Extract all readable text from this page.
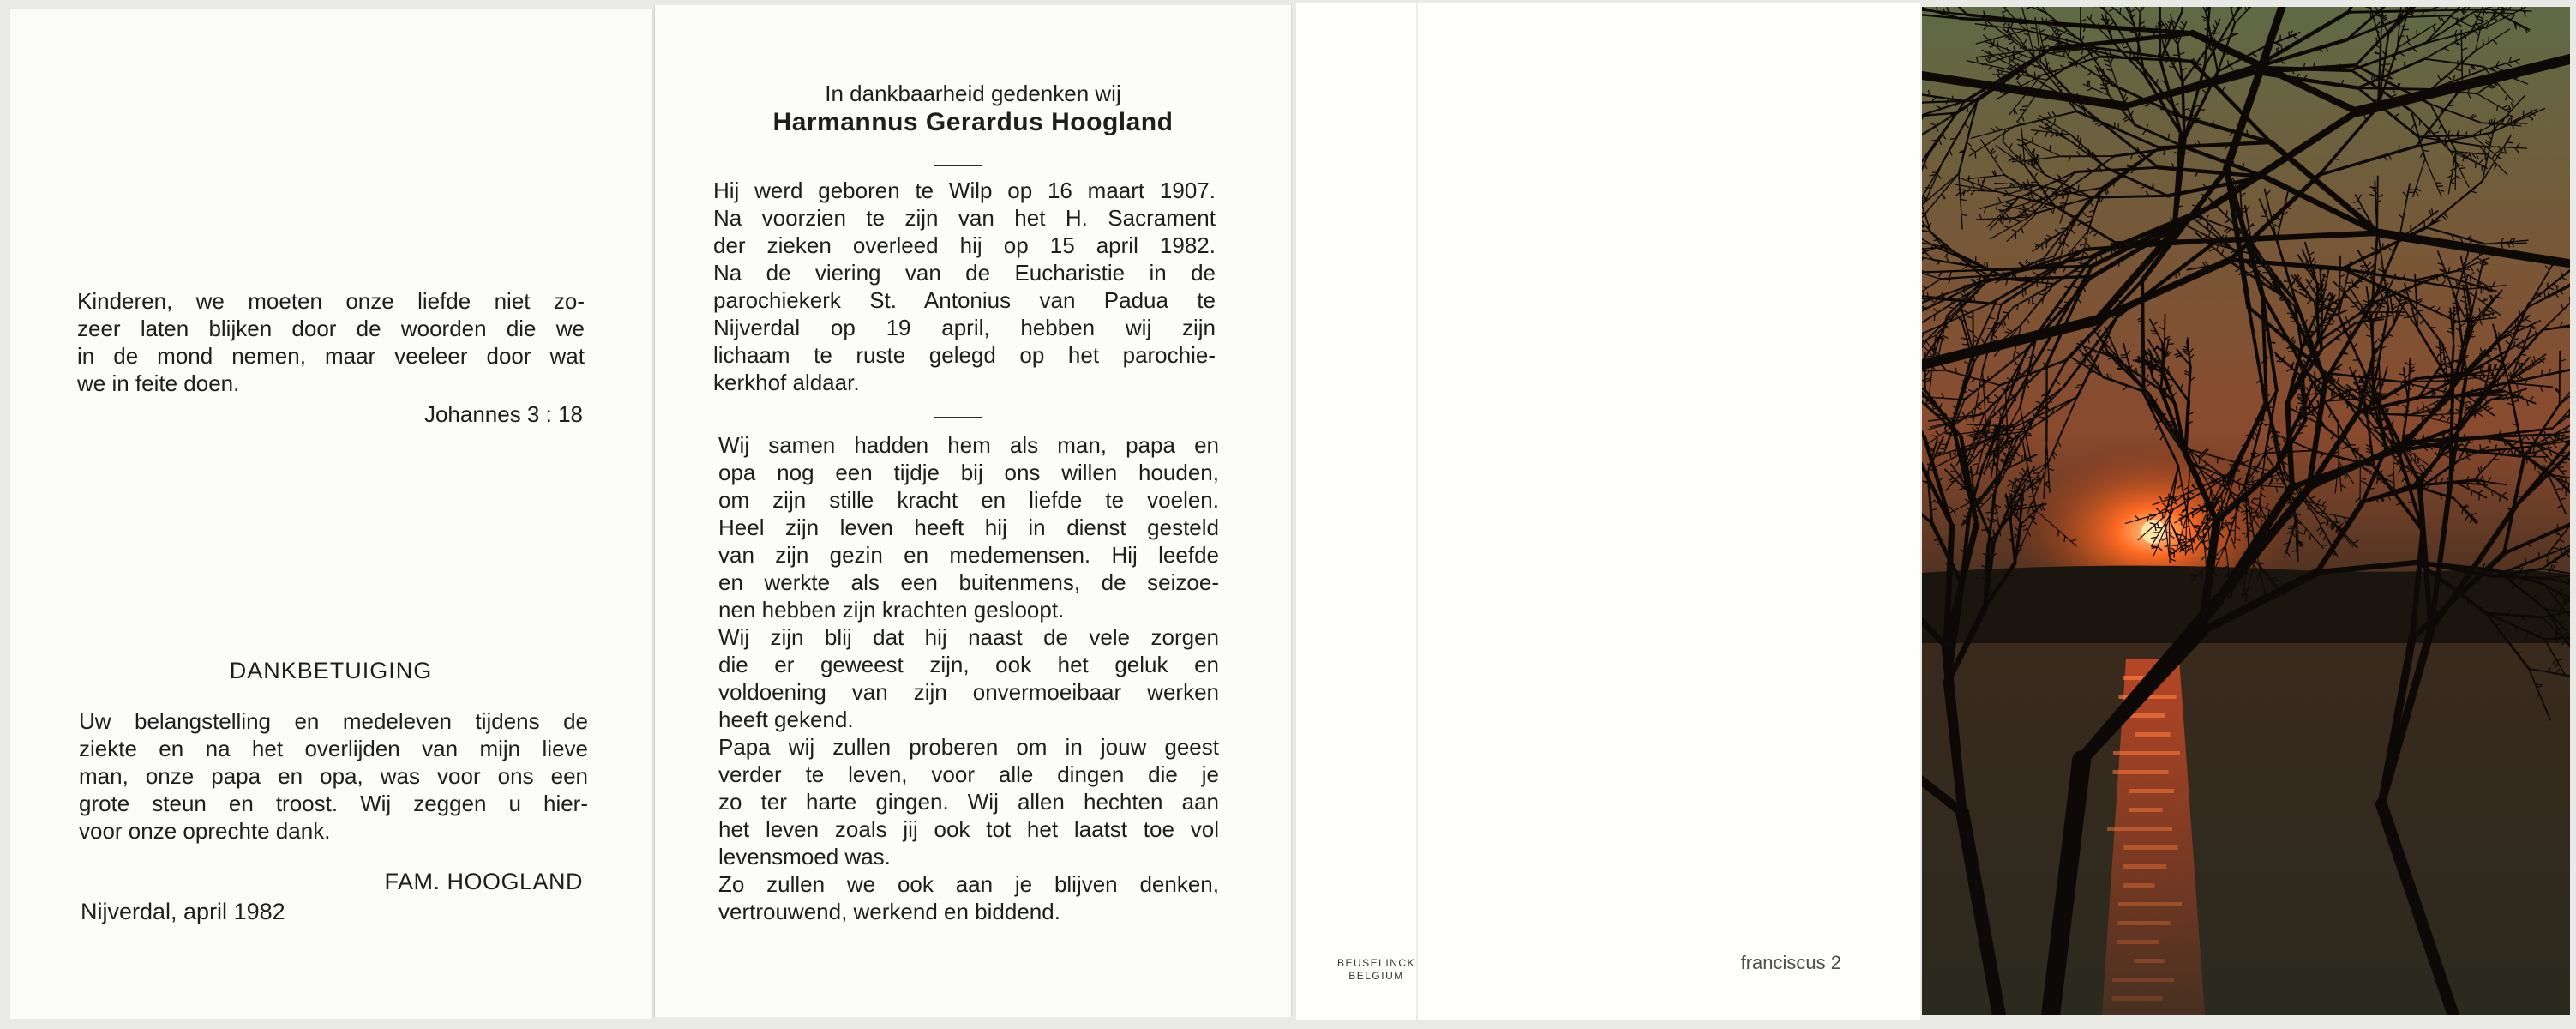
Kinderen, we moeten onze liefde niet zo-
zeer laten blijken door de woorden die we
in de mond nemen, maar veeleer door wat
we in feite doen.
Johannes 3 : 18
DANKBETUIGING
Uw belangstelling en medeleven tijdens de
ziekte en na het overlijden van mijn lieve
man, onze papa en opa, was voor ons een
grote steun en troost. Wij zeggen u hier-
voor onze oprechte dank.
FAM. HOOGLAND
Nijverdal, april 1982
In dankbaarheid gedenken wij
Harmannus Gerardus Hoogland
Hij werd geboren te Wilp op 16 maart 1907.
Na voorzien te zijn van het H. Sacrament
der zieken overleed hij op 15 april 1982.
Na de viering van de Eucharistie in de
parochiekerk St. Antonius van Padua te
Nijverdal op 19 april, hebben wij zijn
lichaam te ruste gelegd op het parochie-
kerkhof aldaar.
Wij samen hadden hem als man, papa en
opa nog een tijdje bij ons willen houden,
om zijn stille kracht en liefde te voelen.
Heel zijn leven heeft hij in dienst gesteld
van zijn gezin en medemensen. Hij leefde
en werkte als een buitenmens, de seizoe-
nen hebben zijn krachten gesloopt.
Wij zijn blij dat hij naast de vele zorgen
die er geweest zijn, ook het geluk en
voldoening van zijn onvermoeibaar werken
heeft gekend.
Papa wij zullen proberen om in jouw geest
verder te leven, voor alle dingen die je
zo ter harte gingen. Wij allen hechten aan
het leven zoals jij ook tot het laatst toe vol
levensmoed was.
Zo zullen we ook aan je blijven denken,
vertrouwend, werkend en biddend.
BEUSELINCK
BELGIUM
franciscus 2
